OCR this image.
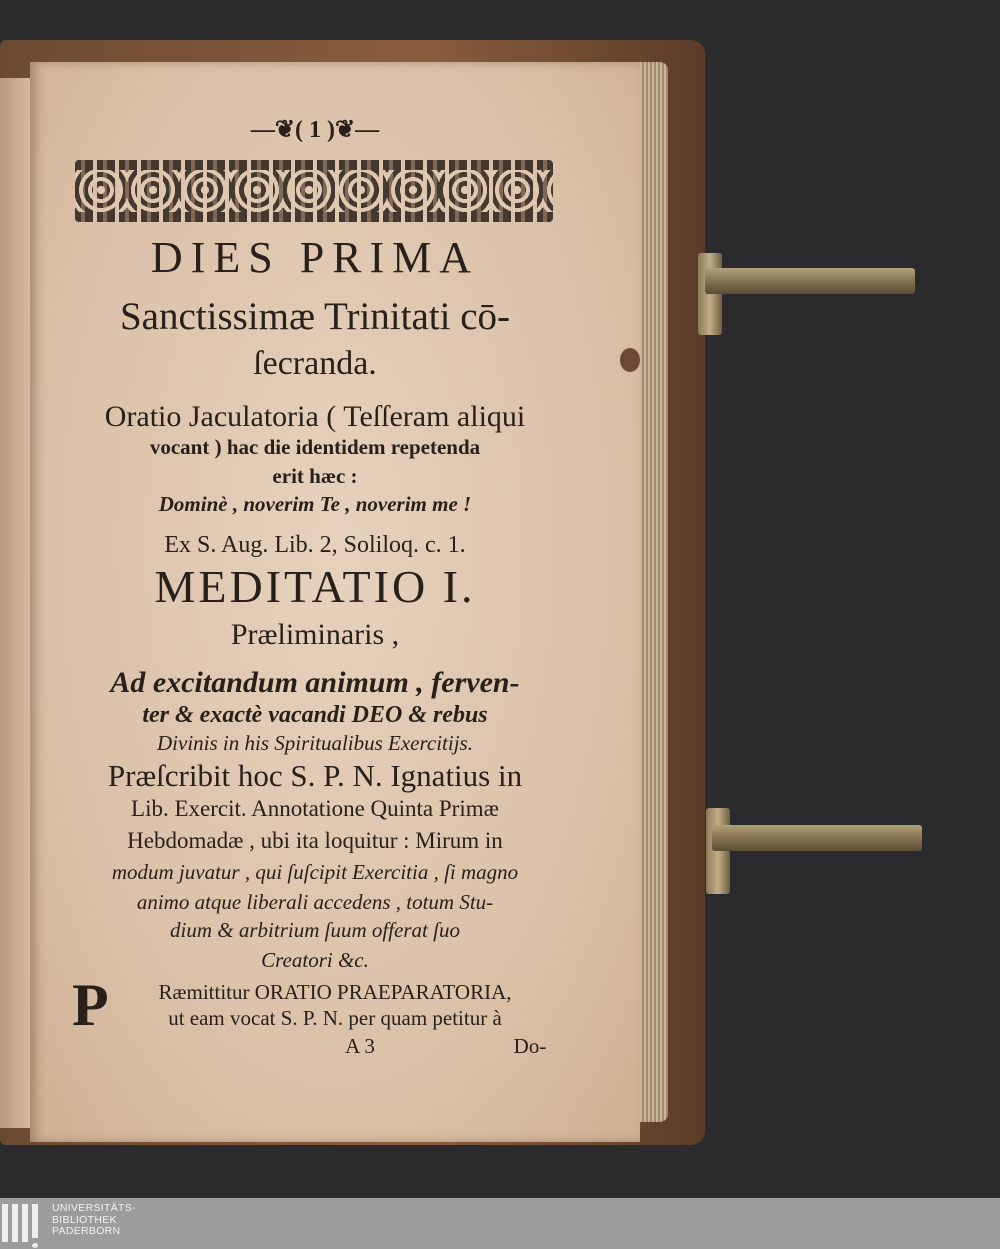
—❦( 1 )❦—
DIES PRIMA
Sanctissimæ Trinitati cō-
ſecranda.
Oratio Jaculatoria ( Teſſeram aliqui
vocant ) hac die identidem repetenda
erit hæc :
Dominè , noverim Te , noverim me !
Ex S. Aug. Lib. 2, Soliloq. c. 1.
MEDITATIO I.
Præliminaris ,
Ad excitandum animum , ferven-
ter & exactè vacandi DEO & rebus
Divinis in his Spiritualibus Exercitijs.
Præſcribit hoc S. P. N. Ignatius in
Lib. Exercit. Annotatione Quinta Primæ
Hebdomadæ , ubi ita loquitur : Mirum in
modum juvatur , qui ſuſcipit Exercitia , ſi magno
animo atque liberali accedens , totum Stu-
dium & arbitrium ſuum offerat ſuo
Creatori &c.
P	Ræmittitur ORATIO PRAEPARATORIA,
ut eam vocat S. P. N. per quam petitur à
A 3	Do-
UNIVERSITÄTS-
BIBLIOTHEK
PADERBORN
